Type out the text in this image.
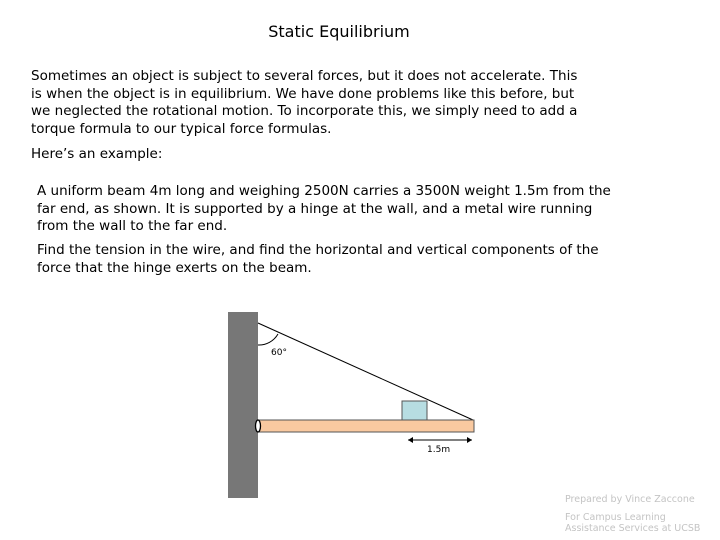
Static Equilibrium

Sometimes an object is subject to several forces, but it does not accelerate. This is when the object is in equilibrium. We have done problems like this before, but we neglected the rotational motion. To incorporate this, we simply need to add a torque formula to our typical force formulas.

Here’s an example:

A uniform beam 4m long and weighing 2500N carries a 3500N weight 1.5m from the far end, as shown. It is supported by a hinge at the wall, and a metal wire running from the wall to the far end.

Find the tension in the wire, and find the horizontal and vertical components of the force that the hinge exerts on the beam.

60°
1.5m
Prepared by Vince Zaccone
For Campus Learning
Assistance Services at UCSB
